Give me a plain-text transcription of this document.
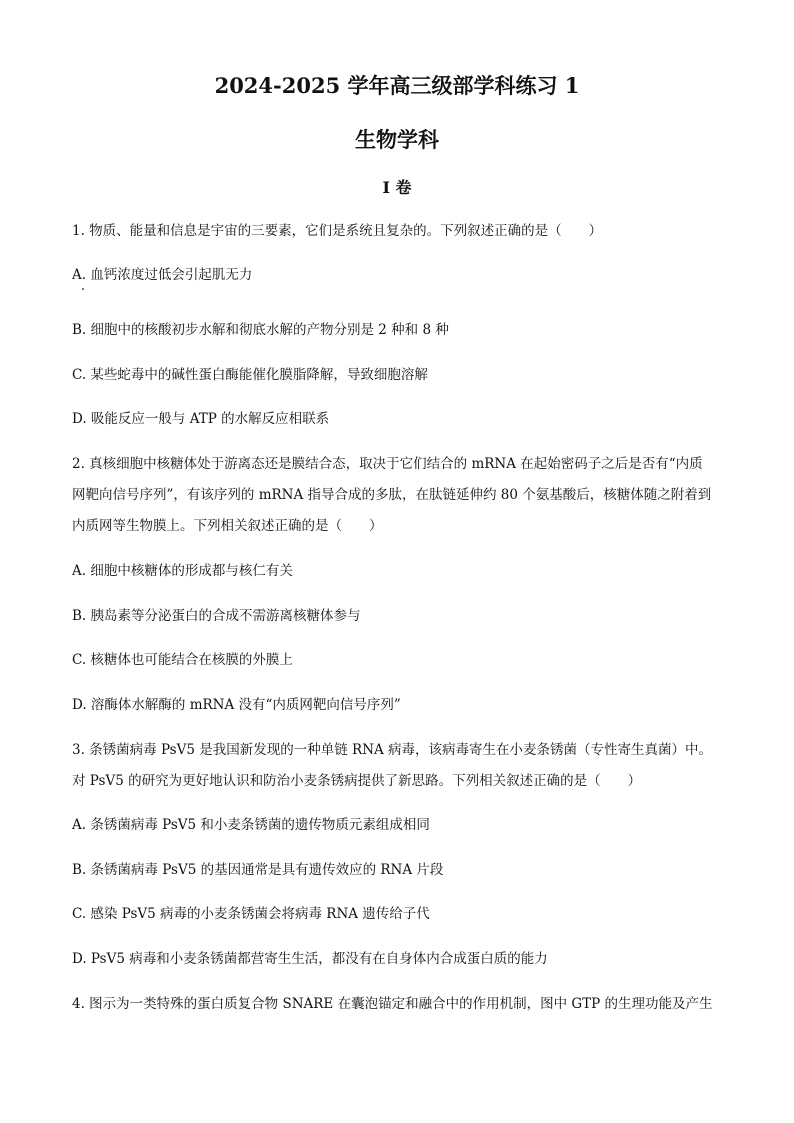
2024-2025 学年高三级部学科练习 1
生物学科
I 卷
1. 物质、能量和信息是宇宙的三要素，它们是系统且复杂的。下列叙述正确的是（　　）
A. 血钙浓度过低会引起肌无力
B. 细胞中的核酸初步水解和彻底水解的产物分别是 2 种和 8 种
C. 某些蛇毒中的碱性蛋白酶能催化膜脂降解，导致细胞溶解
D. 吸能反应一般与 ATP 的水解反应相联系
2. 真核细胞中核糖体处于游离态还是膜结合态，取决于它们结合的 mRNA 在起始密码子之后是否有“内质
网靶向信号序列”，有该序列的 mRNA 指导合成的多肽，在肽链延伸约 80 个氨基酸后，核糖体随之附着到
内质网等生物膜上。下列相关叙述正确的是（　　）
A. 细胞中核糖体的形成都与核仁有关
B. 胰岛素等分泌蛋白的合成不需游离核糖体参与
C. 核糖体也可能结合在核膜的外膜上
D. 溶酶体水解酶的 mRNA 没有“内质网靶向信号序列”
3. 条锈菌病毒 PsV5 是我国新发现的一种单链 RNA 病毒，该病毒寄生在小麦条锈菌（专性寄生真菌）中。
对 PsV5 的研究为更好地认识和防治小麦条锈病提供了新思路。下列相关叙述正确的是（　　）
A. 条锈菌病毒 PsV5 和小麦条锈菌的遗传物质元素组成相同
B. 条锈菌病毒 PsV5 的基因通常是具有遗传效应的 RNA 片段
C. 感染 PsV5 病毒的小麦条锈菌会将病毒 RNA 遗传给子代
D. PsV5 病毒和小麦条锈菌都营寄生生活，都没有在自身体内合成蛋白质的能力
4. 图示为一类特殊的蛋白质复合物 SNARE 在囊泡锚定和融合中的作用机制，图中 GTP 的生理功能及产生
